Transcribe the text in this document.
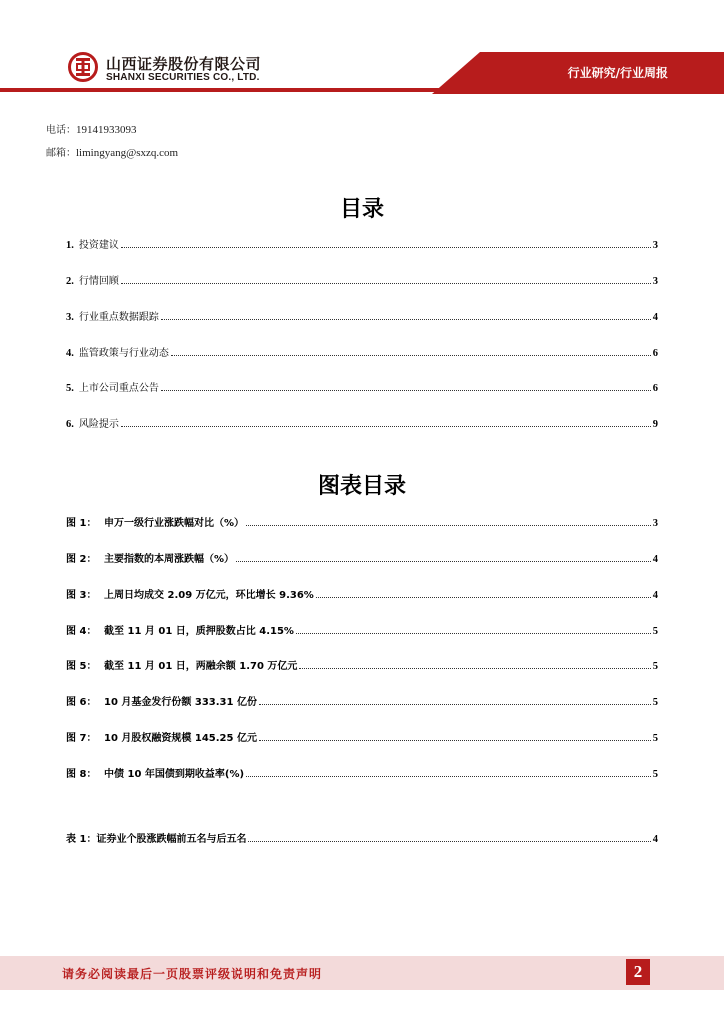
山西证券股份有限公司
SHANXI SECURITIES CO., LTD.	行业研究/行业周报
电话：19141933093
邮箱：limingyang@sxzq.com
目录
1. 投资建议	3
2. 行情回顾	3
3. 行业重点数据跟踪	4
4. 监管政策与行业动态	6
5. 上市公司重点公告	6
6. 风险提示	9
图表目录
图 1： 申万一级行业涨跌幅对比（%）	3
图 2： 主要指数的本周涨跌幅（%）	4
图 3： 上周日均成交 2.09 万亿元，环比增长 9.36%	4
图 4： 截至 11 月 01 日，质押股数占比 4.15%	5
图 5： 截至 11 月 01 日，两融余额 1.70 万亿元	5
图 6： 10 月基金发行份额 333.31 亿份	5
图 7： 10 月股权融资规模 145.25 亿元	5
图 8： 中债 10 年国债到期收益率(%)	5
表 1： 证券业个股涨跌幅前五名与后五名	4
请务必阅读最后一页股票评级说明和免责声明	2
